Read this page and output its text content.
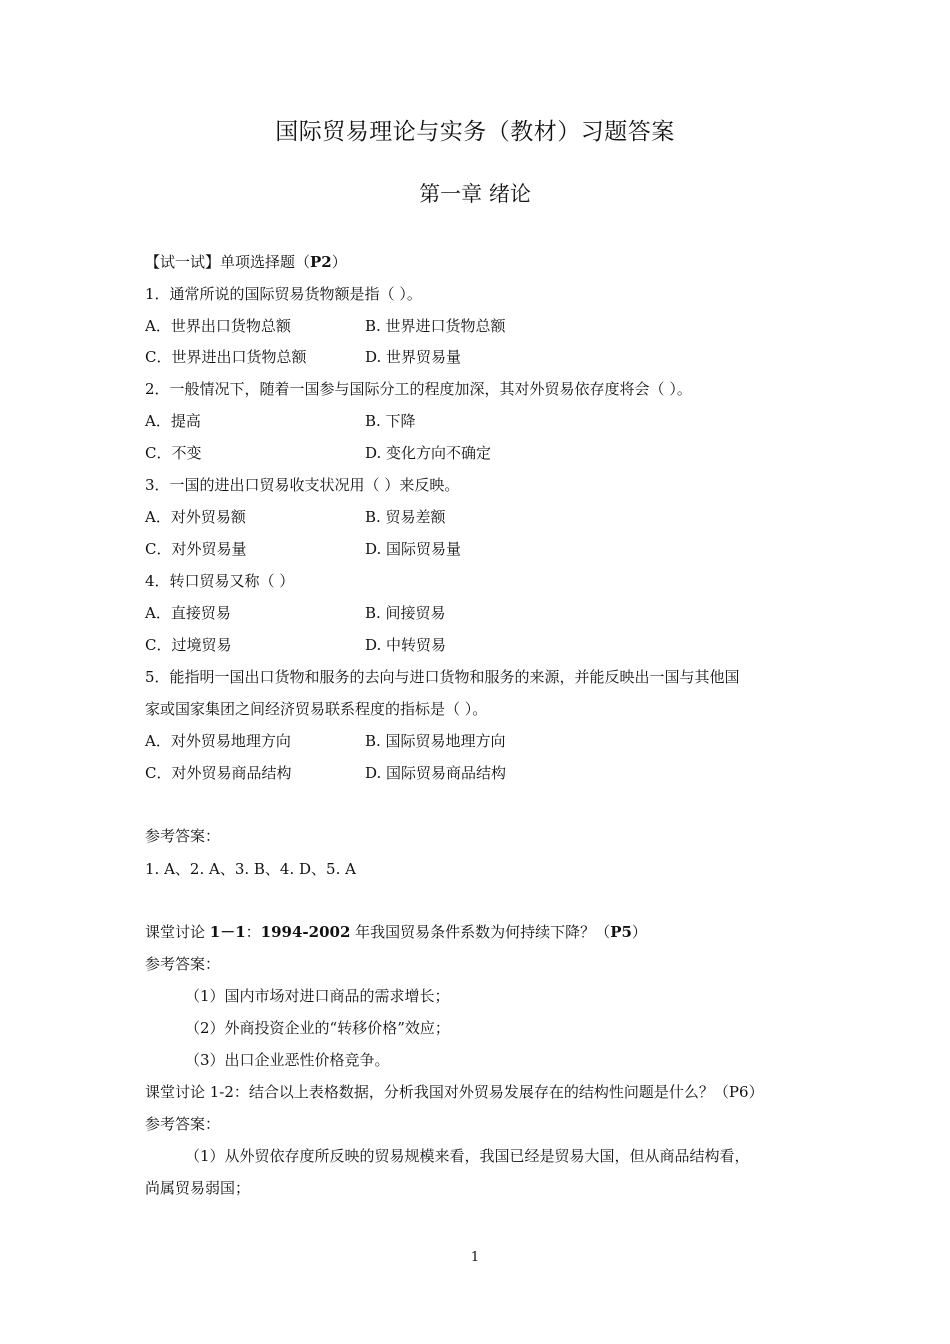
国际贸易理论与实务（教材）习题答案
第一章 绪论
【试一试】单项选择题（P2）
1．通常所说的国际贸易货物额是指（ ）。
A．世界出口货物总额	B. 世界进口货物总额
C．世界进出口货物总额	D. 世界贸易量
2．一般情况下，随着一国参与国际分工的程度加深，其对外贸易依存度将会（ ）。
A．提高	B. 下降
C．不变	D. 变化方向不确定
3．一国的进出口贸易收支状况用（ ）来反映。
A．对外贸易额	B. 贸易差额
C．对外贸易量	D. 国际贸易量
4．转口贸易又称（ ）
A．直接贸易	B. 间接贸易
C．过境贸易	D. 中转贸易
5．能指明一国出口货物和服务的去向与进口货物和服务的来源，并能反映出一国与其他国
家或国家集团之间经济贸易联系程度的指标是（ ）。
A．对外贸易地理方向	B. 国际贸易地理方向
C．对外贸易商品结构	D. 国际贸易商品结构
参考答案：
1. A、2. A、3. B、4. D、5. A
课堂讨论 1－1：1994-2002 年我国贸易条件系数为何持续下降？（P5）
参考答案：
（1）国内市场对进口商品的需求增长；
（2）外商投资企业的“转移价格”效应；
（3）出口企业恶性价格竞争。
课堂讨论 1-2：结合以上表格数据，分析我国对外贸易发展存在的结构性问题是什么？（P6）
参考答案：
（1）从外贸依存度所反映的贸易规模来看，我国已经是贸易大国，但从商品结构看，
尚属贸易弱国；
1
